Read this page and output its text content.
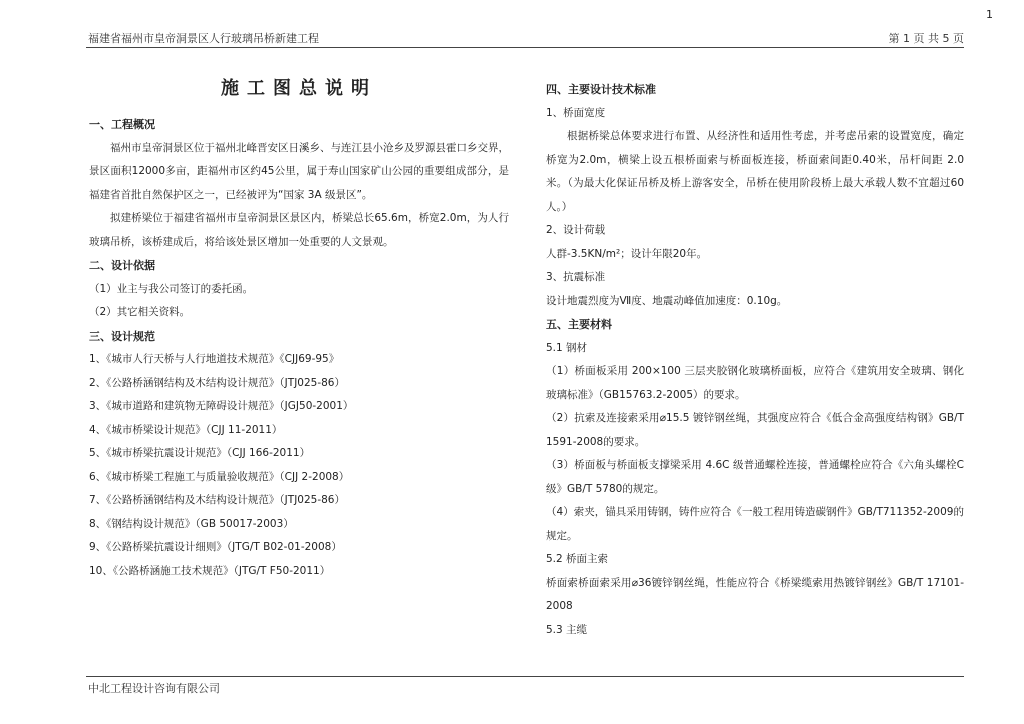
1
福建省福州市皇帝洞景区人行玻璃吊桥新建工程	第 1 页 共 5 页
施工图总说明
一、工程概况
福州市皇帝洞景区位于福州北峰晋安区日溪乡、与连江县小沧乡及罗源县霍口乡交界，景区面积12000多亩，距福州市区约45公里，属于寿山国家矿山公园的重要组成部分，是福建省首批自然保护区之一，已经被评为“国家 3A 级景区”。
拟建桥梁位于福建省福州市皇帝洞景区景区内，桥梁总长65.6m，桥宽2.0m，为人行玻璃吊桥，该桥建成后，将给该处景区增加一处重要的人文景观。
二、设计依据
（1）业主与我公司签订的委托函。
（2）其它相关资料。
三、设计规范
1、《城市人行天桥与人行地道技术规范》《CJJ69-95》
2、《公路桥涵钢结构及木结构设计规范》（JTJ025-86）
3、《城市道路和建筑物无障碍设计规范》（JGJ50-2001）
4、《城市桥梁设计规范》（CJJ 11-2011）
5、《城市桥梁抗震设计规范》（CJJ 166-2011）
6、《城市桥梁工程施工与质量验收规范》（CJJ 2-2008）
7、《公路桥涵钢结构及木结构设计规范》（JTJ025-86）
8、《钢结构设计规范》（GB 50017-2003）
9、《公路桥梁抗震设计细则》（JTG/T B02-01-2008）
10、《公路桥涵施工技术规范》（JTG/T F50-2011）
四、主要设计技术标准
1、桥面宽度
根据桥梁总体要求进行布置、从经济性和适用性考虑，并考虑吊索的设置宽度，确定桥宽为2.0m，横梁上设五根桥面索与桥面板连接，桥面索间距0.40米，吊杆间距 2.0 米。（为最大化保证吊桥及桥上游客安全，吊桥在使用阶段桥上最大承载人数不宜超过60人。）
2、设计荷载
人群-3.5KN/m²；设计年限20年。
3、抗震标准
设计地震烈度为Ⅶ度、地震动峰值加速度：0.10g。
五、主要材料
5.1 钢材
（1）桥面板采用 200×100 三层夹胶钢化玻璃桥面板，应符合《建筑用安全玻璃、钢化玻璃标准》（GB15763.2-2005）的要求。
（2）抗索及连接索采用⌀15.5 镀锌钢丝绳，其强度应符合《低合金高强度结构钢》GB/T 1591-2008的要求。
（3）桥面板与桥面板支撑梁采用 4.6C 级普通螺栓连接，普通螺栓应符合《六角头螺栓C级》GB/T 5780的规定。
（4）索夹，锚具采用铸钢，铸件应符合《一般工程用铸造碳钢件》GB/T711352-2009的规定。
5.2 桥面主索
桥面索桥面索采用⌀36镀锌钢丝绳，性能应符合《桥梁缆索用热镀锌钢丝》GB/T 17101-2008
5.3 主缆
中北工程设计咨询有限公司
